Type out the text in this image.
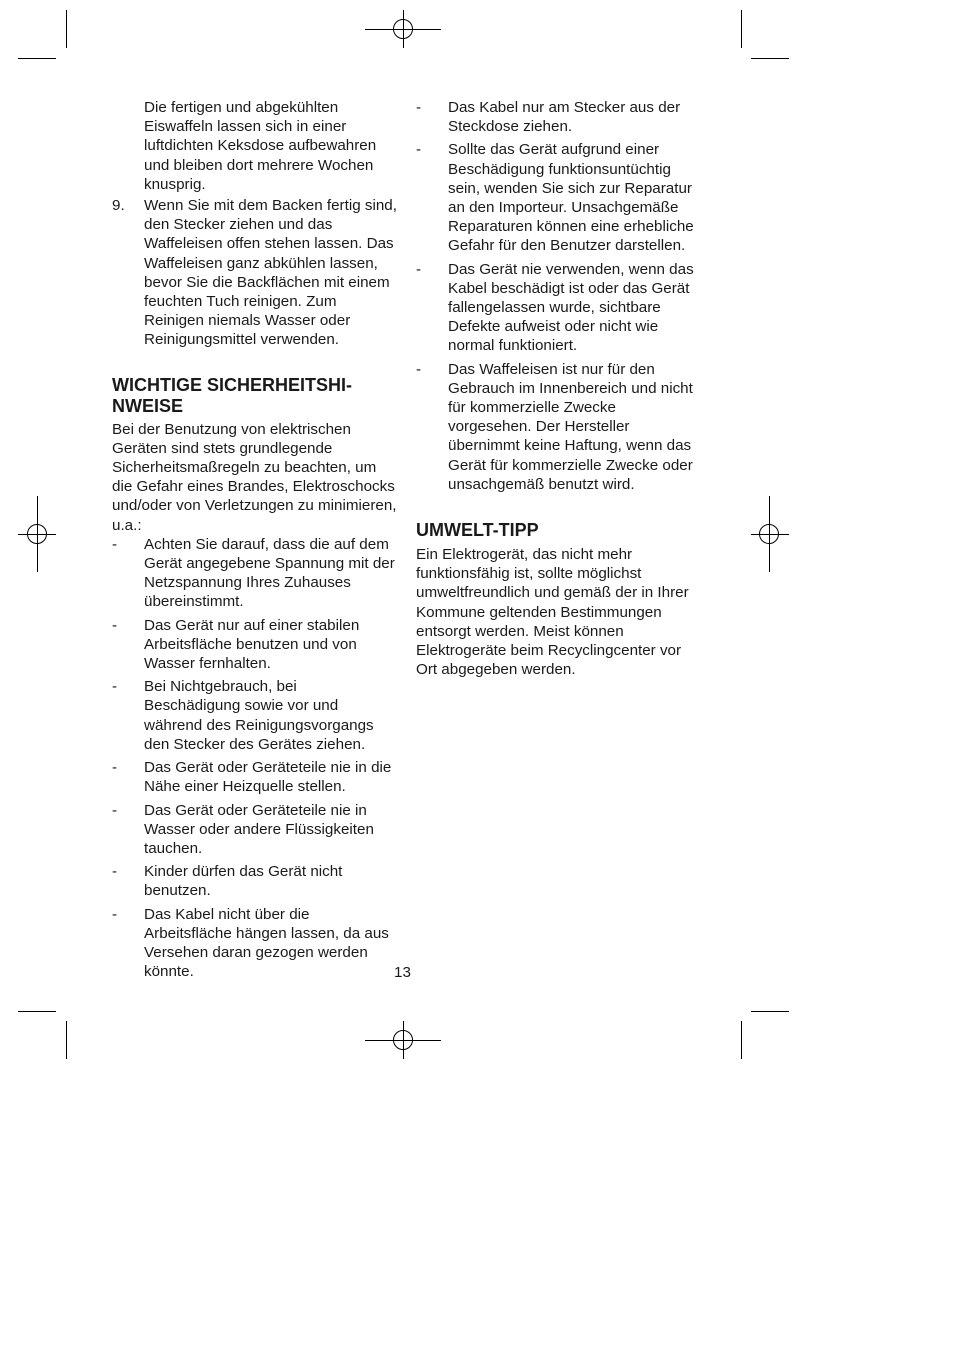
Die fertigen und abgekühlten Eiswaffeln lassen sich in einer luftdichten Keksdose aufbewahren und bleiben dort mehrere Wochen knusprig.

9. Wenn Sie mit dem Backen fertig sind, den Stecker ziehen und das Waffeleisen offen stehen lassen. Das Waffeleisen ganz abkühlen lassen, bevor Sie die Backflächen mit einem feuchten Tuch reinigen. Zum Reinigen niemals Wasser oder Reinigungsmittel verwenden.
WICHTIGE SICHERHEITSHI-
NWEISE

Bei der Benutzung von elektrischen Geräten sind stets grundlegende Sicherheitsmaßregeln zu beachten, um die Gefahr eines Brandes, Elektroschocks und/oder von Verletzungen zu minimieren, u.a.:

- Achten Sie darauf, dass die auf dem Gerät angegebene Spannung mit der Netzspannung Ihres Zuhauses übereinstimmt.
- Das Gerät nur auf einer stabilen Arbeitsfläche benutzen und von Wasser fernhalten.
- Bei Nichtgebrauch, bei Beschädigung sowie vor und während des Reinigungsvorgangs den Stecker des Gerätes ziehen.
- Das Gerät oder Geräteteile nie in die Nähe einer Heizquelle stellen.
- Das Gerät oder Geräteteile nie in Wasser oder andere Flüssigkeiten tauchen.
- Kinder dürfen das Gerät nicht benutzen.
- Das Kabel nicht über die Arbeitsfläche hängen lassen, da aus Versehen daran gezogen werden könnte.
- Das Kabel nur am Stecker aus der Steckdose ziehen.
- Sollte das Gerät aufgrund einer Beschädigung funktionsuntüchtig sein, wenden Sie sich zur Reparatur an den Importeur. Unsachgemäße Reparaturen können eine erhebliche Gefahr für den Benutzer darstellen.
- Das Gerät nie verwenden, wenn das Kabel beschädigt ist oder das Gerät fallengelassen wurde, sichtbare Defekte aufweist oder nicht wie normal funktioniert.
- Das Waffeleisen ist nur für den Gebrauch im Innenbereich und nicht für kommerzielle Zwecke vorgesehen. Der Hersteller übernimmt keine Haftung, wenn das Gerät für kommerzielle Zwecke oder unsachgemäß benutzt wird.
UMWELT-TIPP

Ein Elektrogerät, das nicht mehr funktionsfähig ist, sollte möglichst umweltfreundlich und gemäß der in Ihrer Kommune geltenden Bestimmungen entsorgt werden. Meist können Elektrogeräte beim Recyclingcenter vor Ort abgegeben werden.

13
